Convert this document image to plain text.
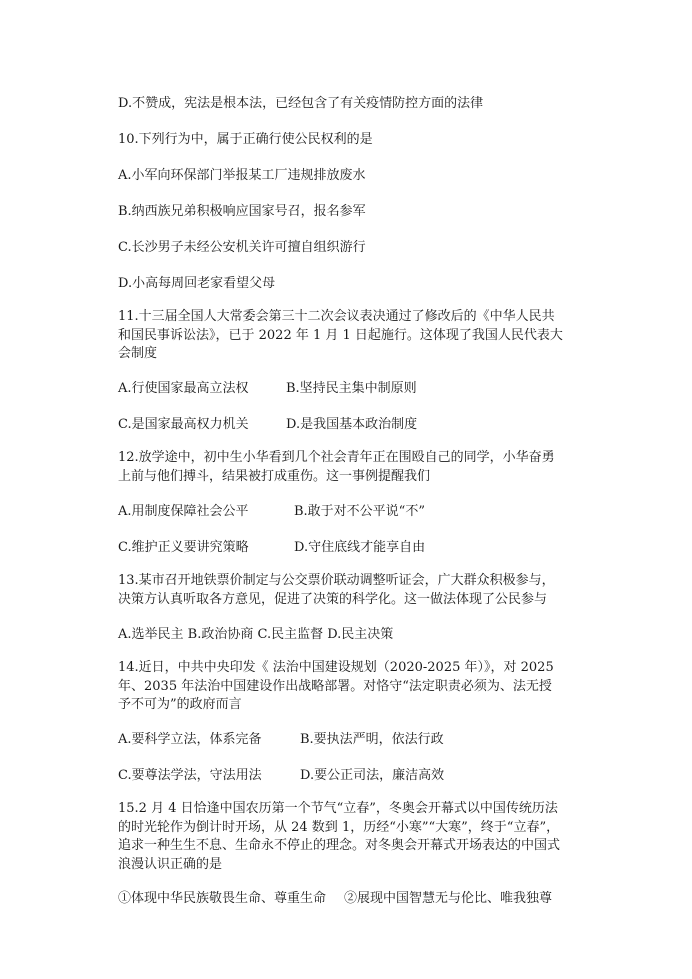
D.不赞成，宪法是根本法，已经包含了有关疫情防控方面的法律
10.下列行为中，属于正确行使公民权利的是
A.小军向环保部门举报某工厂违规排放废水
B.纳西族兄弟积极响应国家号召，报名参军
C.长沙男子未经公安机关许可擅自组织游行
D.小高每周回老家看望父母
11.十三届全国人大常委会第三十二次会议表决通过了修改后的《中华人民共和国民事诉讼法》，已于 2022 年 1 月 1 日起施行。这体现了我国人民代表大会制度
A.行使国家最高立法权	B.坚持民主集中制原则
C.是国家最高权力机关	D.是我国基本政治制度
12.放学途中，初中生小华看到几个社会青年正在围殴自己的同学，小华奋勇上前与他们搏斗，结果被打成重伤。这一事例提醒我们
A.用制度保障社会公平	B.敢于对不公平说“不”
C.维护正义要讲究策略	D.守住底线才能享自由
13.某市召开地铁票价制定与公交票价联动调整听证会，广大群众积极参与，决策方认真听取各方意见，促进了决策的科学化。这一做法体现了公民参与
A.选举民主 B.政治协商 C.民主监督 D.民主决策
14.近日，中共中央印发《 法治中国建设规划（2020-2025 年）》，对 2025 年、2035 年法治中国建设作出战略部署。对恪守“法定职责必须为、法无授予不可为”的政府而言
A.要科学立法，体系完备	B.要执法严明，依法行政
C.要尊法学法，守法用法	D.要公正司法，廉洁高效
15.2 月 4 日恰逢中国农历第一个节气“立春”，冬奥会开幕式以中国传统历法的时光轮作为倒计时开场，从 24 数到 1，历经“小寒”“大寒”，终于“立春”，追求一种生生不息、生命永不停止的理念。对冬奥会开幕式开场表达的中国式浪漫认识正确的是
①体现中华民族敬畏生命、尊重生命 ②展现中国智慧无与伦比、唯我独尊
